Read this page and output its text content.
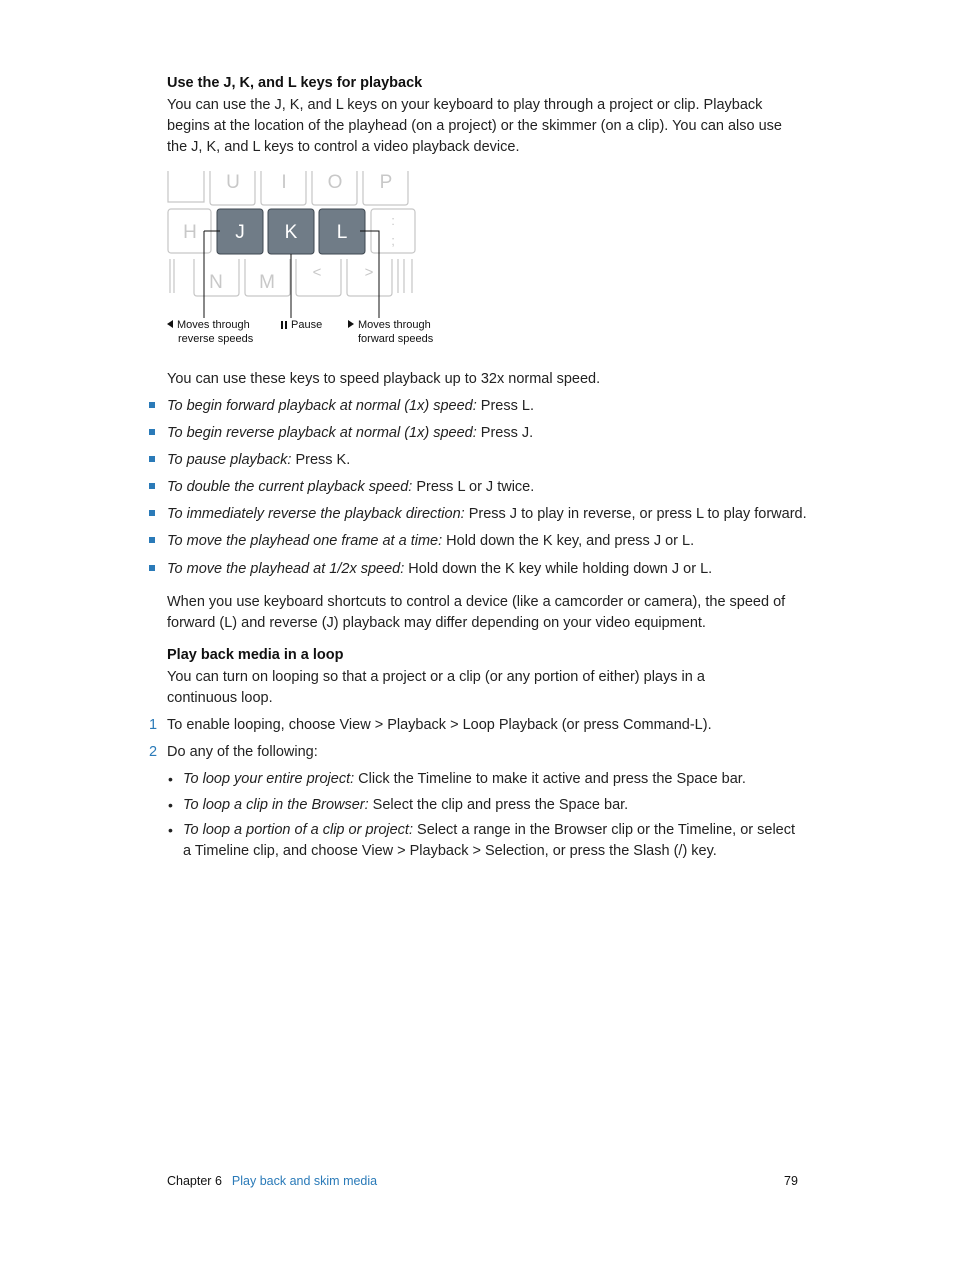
Use the J, K, and L keys for playback
You can use the J, K, and L keys on your keyboard to play through a project or clip. Playback begins at the location of the playhead (on a project) or the skimmer (on a clip). You can also use the J, K, and L keys to control a video playback device.
U I O P
H
N M	<	>
:
;
J K L
Moves through
reverse speeds
Pause	Moves through
forward speeds
You can use these keys to speed playback up to 32x normal speed.
To begin forward playback at normal (1x) speed: Press L.
To begin reverse playback at normal (1x) speed: Press J.
To pause playback: Press K.
To double the current playback speed: Press L or J twice.
To immediately reverse the playback direction: Press J to play in reverse, or press L to play forward.
To move the playhead one frame at a time: Hold down the K key, and press J or L.
To move the playhead at 1/2x speed: Hold down the K key while holding down J or L.
When you use keyboard shortcuts to control a device (like a camcorder or camera), the speed of forward (L) and reverse (J) playback may differ depending on your video equipment.
Play back media in a loop
You can turn on looping so that a project or a clip (or any portion of either) plays in a continuous loop.
1 To enable looping, choose View > Playback > Loop Playback (or press Command-L).
2 Do any of the following:
• To loop your entire project: Click the Timeline to make it active and press the Space bar.
• To loop a clip in the Browser: Select the clip and press the Space bar.
• To loop a portion of a clip or project: Select a range in the Browser clip or the Timeline, or select a Timeline clip, and choose View > Playback > Selection, or press the Slash (/) key.
Chapter 6 Play back and skim media	79
